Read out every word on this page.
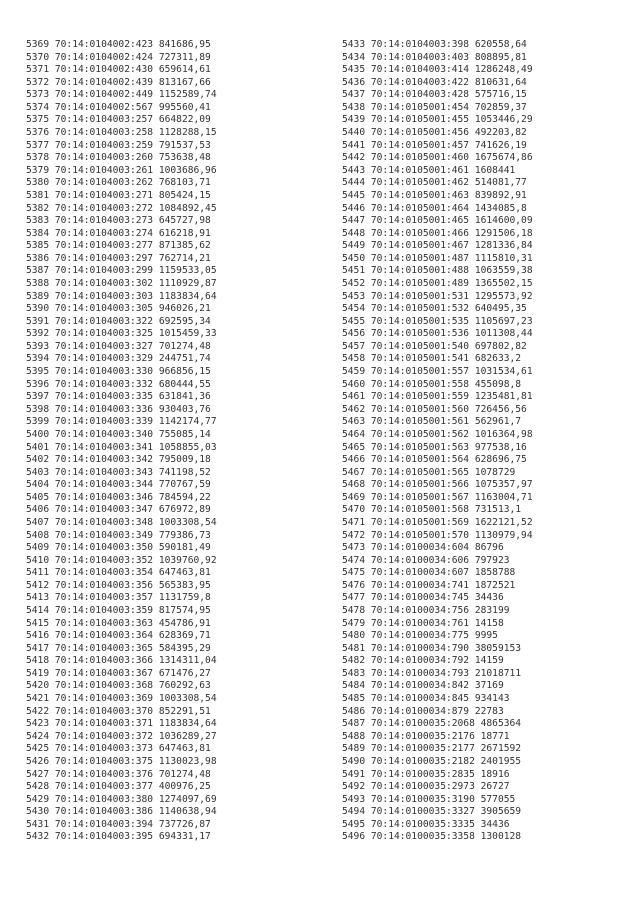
5369 70:14:0104002:423 841686,95
5370 70:14:0104002:424 727311,89
5371 70:14:0104002:430 659614,61
5372 70:14:0104002:439 813167,66
5373 70:14:0104002:449 1152589,74
5374 70:14:0104002:567 995560,41
5375 70:14:0104003:257 664822,09
5376 70:14:0104003:258 1128288,15
5377 70:14:0104003:259 791537,53
5378 70:14:0104003:260 753638,48
5379 70:14:0104003:261 1003686,96
5380 70:14:0104003:262 768103,71
5381 70:14:0104003:271 805424,15
5382 70:14:0104003:272 1084892,45
5383 70:14:0104003:273 645727,98
5384 70:14:0104003:274 616218,91
5385 70:14:0104003:277 871385,62
5386 70:14:0104003:297 762714,21
5387 70:14:0104003:299 1159533,05
5388 70:14:0104003:302 1110929,87
5389 70:14:0104003:303 1183834,64
5390 70:14:0104003:305 946026,21
5391 70:14:0104003:322 692595,34
5392 70:14:0104003:325 1015459,33
5393 70:14:0104003:327 701274,48
5394 70:14:0104003:329 244751,74
5395 70:14:0104003:330 966856,15
5396 70:14:0104003:332 680444,55
5397 70:14:0104003:335 631841,36
5398 70:14:0104003:336 930403,76
5399 70:14:0104003:339 1142174,77
5400 70:14:0104003:340 755085,14
5401 70:14:0104003:341 1058855,03
5402 70:14:0104003:342 795009,18
5403 70:14:0104003:343 741198,52
5404 70:14:0104003:344 770767,59
5405 70:14:0104003:346 784594,22
5406 70:14:0104003:347 676972,89
5407 70:14:0104003:348 1003308,54
5408 70:14:0104003:349 779386,73
5409 70:14:0104003:350 590181,49
5410 70:14:0104003:352 1039760,92
5411 70:14:0104003:354 647463,81
5412 70:14:0104003:356 565383,95
5413 70:14:0104003:357 1131759,8
5414 70:14:0104003:359 817574,95
5415 70:14:0104003:363 454786,91
5416 70:14:0104003:364 628369,71
5417 70:14:0104003:365 584395,29
5418 70:14:0104003:366 1314311,04
5419 70:14:0104003:367 671476,27
5420 70:14:0104003:368 760292,63
5421 70:14:0104003:369 1003308,54
5422 70:14:0104003:370 852291,51
5423 70:14:0104003:371 1183834,64
5424 70:14:0104003:372 1036289,27
5425 70:14:0104003:373 647463,81
5426 70:14:0104003:375 1130023,98
5427 70:14:0104003:376 701274,48
5428 70:14:0104003:377 400976,25
5429 70:14:0104003:380 1274097,69
5430 70:14:0104003:386 1140638,94
5431 70:14:0104003:394 737726,87
5432 70:14:0104003:395 694331,17
5433 70:14:0104003:398 620558,64
5434 70:14:0104003:403 808895,81
5435 70:14:0104003:414 1286248,49
5436 70:14:0104003:422 810631,64
5437 70:14:0104003:428 575716,15
5438 70:14:0105001:454 702859,37
5439 70:14:0105001:455 1053446,29
5440 70:14:0105001:456 492203,82
5441 70:14:0105001:457 741626,19
5442 70:14:0105001:460 1675674,86
5443 70:14:0105001:461 1608441
5444 70:14:0105001:462 514081,77
5445 70:14:0105001:463 839892,91
5446 70:14:0105001:464 1434085,8
5447 70:14:0105001:465 1614600,09
5448 70:14:0105001:466 1291506,18
5449 70:14:0105001:467 1281336,84
5450 70:14:0105001:487 1115810,31
5451 70:14:0105001:488 1063559,38
5452 70:14:0105001:489 1365502,15
5453 70:14:0105001:531 1295573,92
5454 70:14:0105001:532 640495,35
5455 70:14:0105001:535 1105697,23
5456 70:14:0105001:536 1011308,44
5457 70:14:0105001:540 697802,82
5458 70:14:0105001:541 682633,2
5459 70:14:0105001:557 1031534,61
5460 70:14:0105001:558 455098,8
5461 70:14:0105001:559 1235481,81
5462 70:14:0105001:560 726456,56
5463 70:14:0105001:561 562961,7
5464 70:14:0105001:562 1016364,98
5465 70:14:0105001:563 977538,16
5466 70:14:0105001:564 628696,75
5467 70:14:0105001:565 1078729
5468 70:14:0105001:566 1075357,97
5469 70:14:0105001:567 1163004,71
5470 70:14:0105001:568 731513,1
5471 70:14:0105001:569 1622121,52
5472 70:14:0105001:570 1130979,94
5473 70:14:0100034:604 86796
5474 70:14:0100034:606 797923
5475 70:14:0100034:607 1858788
5476 70:14:0100034:741 1872521
5477 70:14:0100034:745 34436
5478 70:14:0100034:756 283199
5479 70:14:0100034:761 14158
5480 70:14:0100034:775 9995
5481 70:14:0100034:790 38059153
5482 70:14:0100034:792 14159
5483 70:14:0100034:793 21018711
5484 70:14:0100034:842 37169
5485 70:14:0100034:845 934143
5486 70:14:0100034:879 22783
5487 70:14:0100035:2068 4865364
5488 70:14:0100035:2176 18771
5489 70:14:0100035:2177 2671592
5490 70:14:0100035:2182 2401955
5491 70:14:0100035:2835 18916
5492 70:14:0100035:2973 26727
5493 70:14:0100035:3190 577055
5494 70:14:0100035:3327 3905659
5495 70:14:0100035:3335 34436
5496 70:14:0100035:3358 1300128
